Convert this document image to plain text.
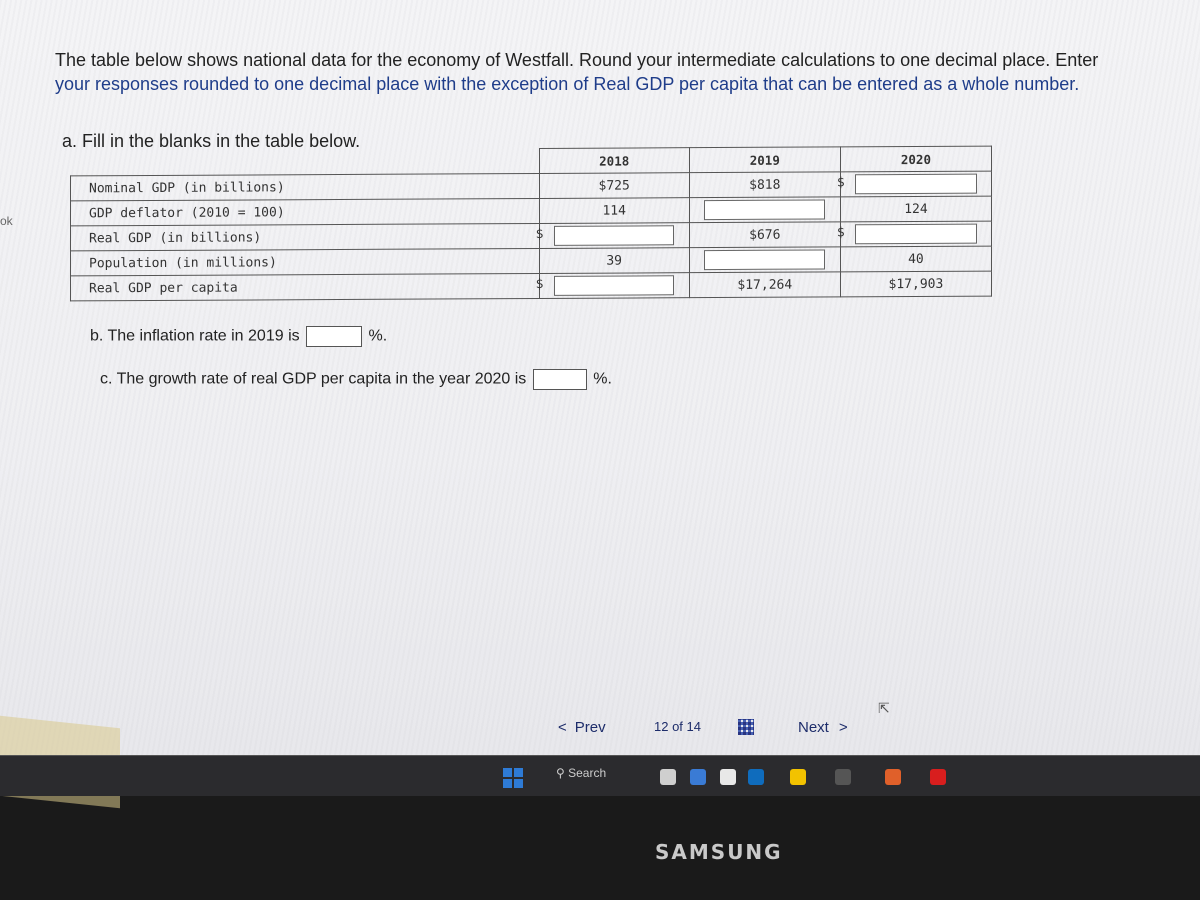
ok
The table below shows national data for the economy of Westfall. Round your intermediate calculations to one decimal place. Enter
your responses rounded to one decimal place with the exception of Real GDP per capita that can be entered as a whole number.
a. Fill in the blanks in the table below.
	2018	2019	2020
Nominal GDP (in billions)	$725	$818	$

GDP deflator (2010 = 100)	114		124
Real GDP (in billions)	$	$676	$

Population (in millions)	39		40
Real GDP per capita	$	$17,264	$17,903
b. The inflation rate in 2019 is	%.
c. The growth rate of real GDP per capita in the year 2020 is	%.
< Prev	12 of 14	Next >
⇱
⚲ Search
SAMSUNG
